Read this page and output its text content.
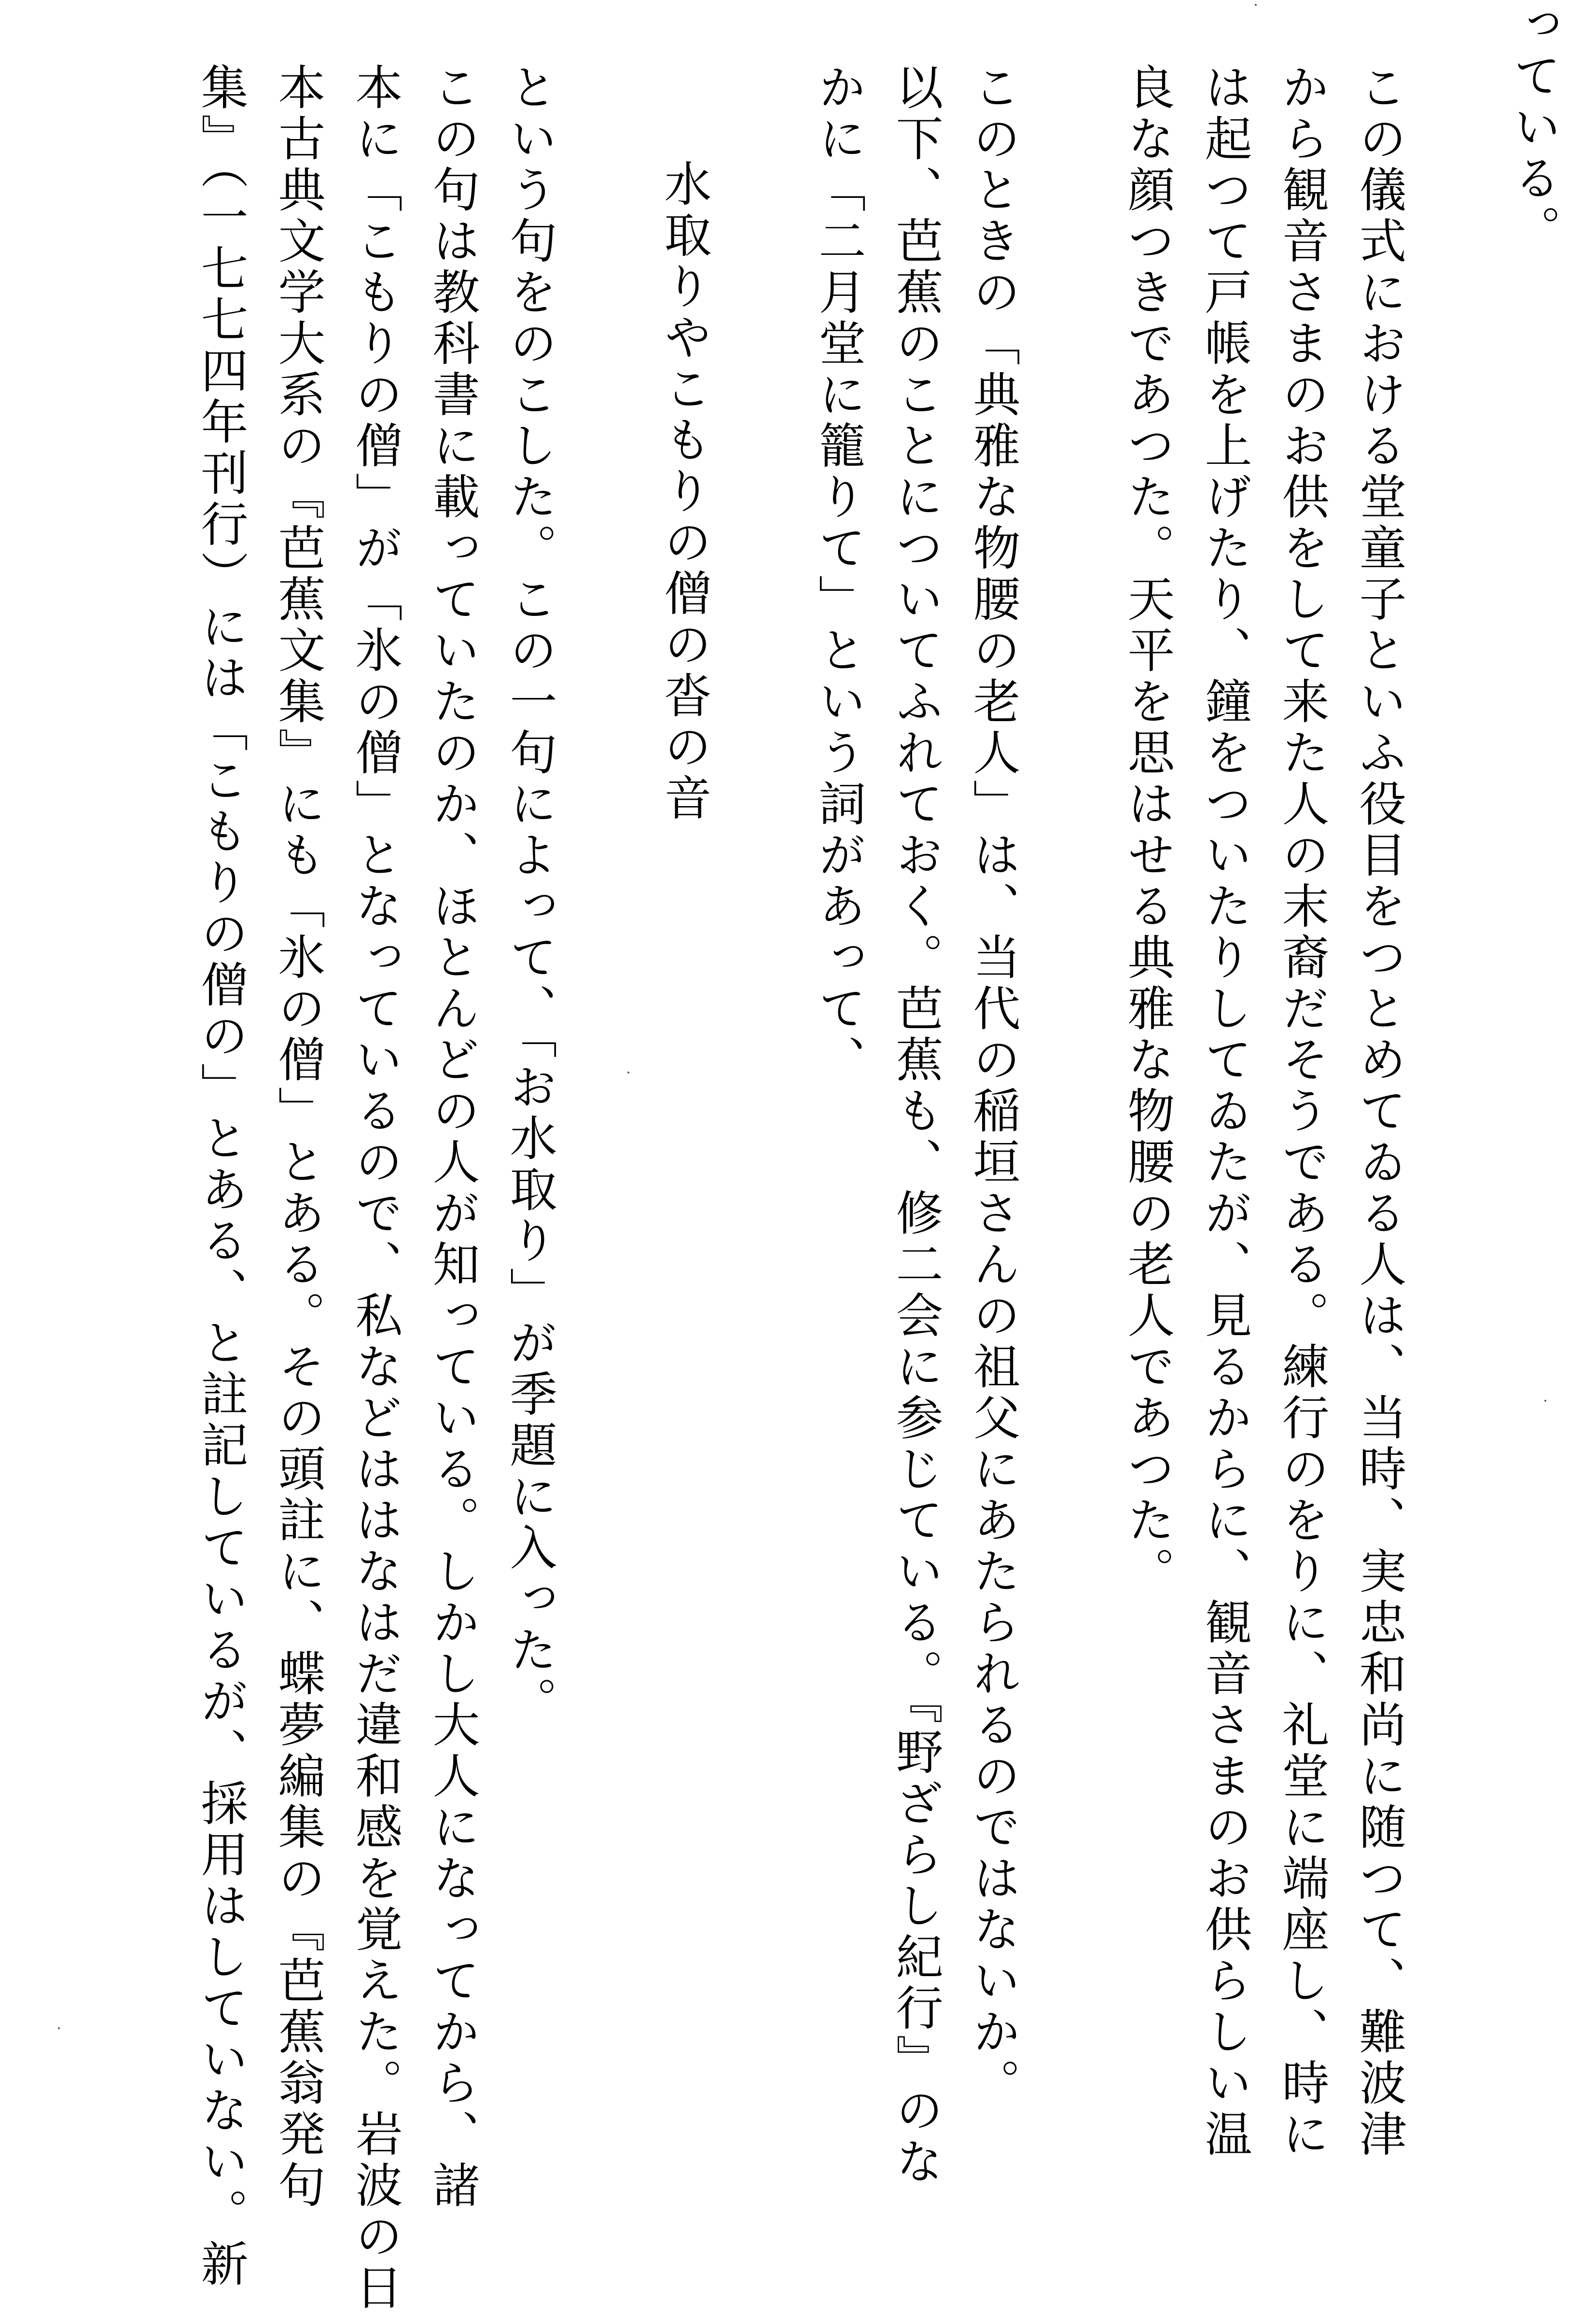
っている。
この儀式における堂童子といふ役目をつとめてゐる人は、当時、実忠和尚に随つて、難波津
から観音さまのお供をして来た人の末裔だそうである。練行のをりに、礼堂に端座し、時に
は起つて戸帳を上げたり、鐘をついたりしてゐたが、見るからに、観音さまのお供らしい温
良な顔つきであつた。天平を思はせる典雅な物腰の老人であつた。
このときの「典雅な物腰の老人」は、当代の稲垣さんの祖父にあたられるのではないか。
以下、芭蕉のことについてふれておく。芭蕉も、修二会に参じている。『野ざらし紀行』のな
かに「二月堂に籠りて」という詞があって、
水取りやこもりの僧の沓の音
という句をのこした。この一句によって、「お水取り」が季題に入った。
この句は教科書に載っていたのか、ほとんどの人が知っている。しかし大人になってから、諸
本に「こもりの僧」が「氷の僧」となっているので、私などははなはだ違和感を覚えた。岩波の日
本古典文学大系の『芭蕉文集』にも「氷の僧」とある。その頭註に、蝶夢編集の『芭蕉翁発句
集』（一七七四年刊行）には「こもりの僧の」とある、と註記しているが、採用はしていない。新
